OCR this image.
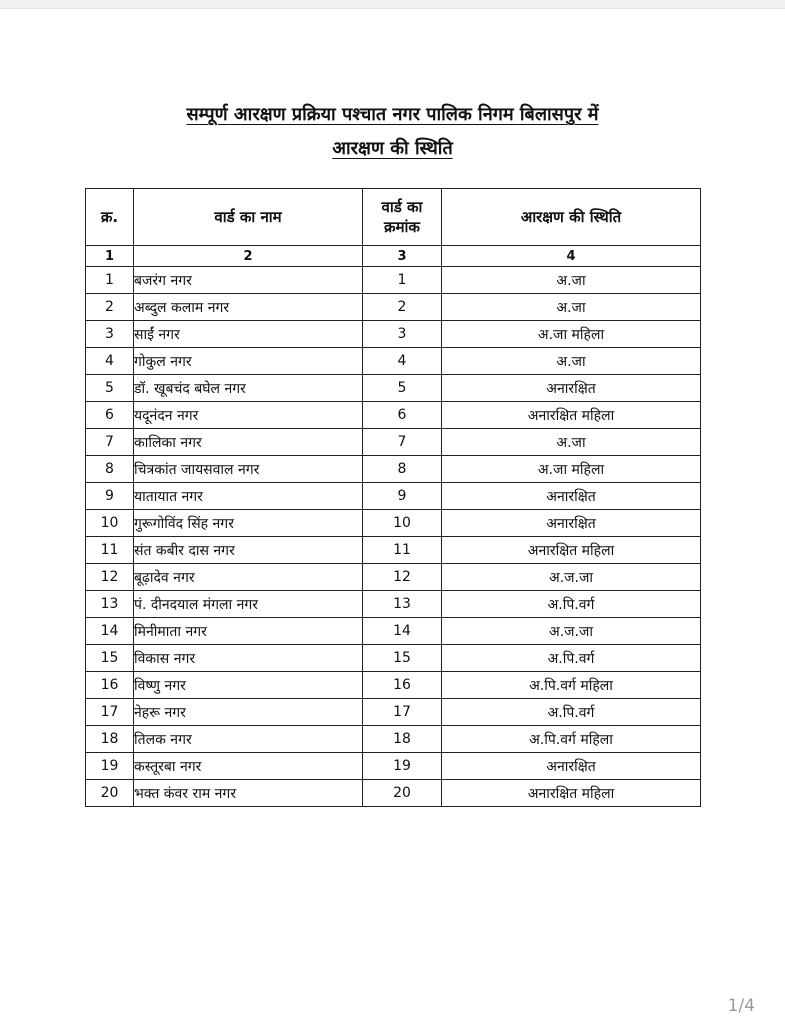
सम्पूर्ण आरक्षण प्रक्रिया पश्चात नगर पालिक निगम बिलासपुर में
आरक्षण की स्थिति
क्र.	वार्ड का नाम	वार्ड का क्रमांक	आरक्षण की स्थिति
1	2	3	4
1	बजरंग नगर	1	अ.जा
2	अब्दुल कलाम नगर	2	अ.जा
3	साईं नगर	3	अ.जा महिला
4	गोकुल नगर	4	अ.जा
5	डॉ. खूबचंद बघेल नगर	5	अनारक्षित
6	यदूनंदन नगर	6	अनारक्षित महिला
7	कालिका नगर	7	अ.जा
8	चित्रकांत जायसवाल नगर	8	अ.जा महिला
9	यातायात नगर	9	अनारक्षित
10	गुरूगोविंद सिंह नगर	10	अनारक्षित
11	संत कबीर दास नगर	11	अनारक्षित महिला
12	बूढ़ादेव नगर	12	अ.ज.जा
13	पं. दीनदयाल मंगला नगर	13	अ.पि.वर्ग
14	मिनीमाता नगर	14	अ.ज.जा
15	विकास नगर	15	अ.पि.वर्ग
16	विष्णु नगर	16	अ.पि.वर्ग महिला
17	नेहरू नगर	17	अ.पि.वर्ग
18	तिलक नगर	18	अ.पि.वर्ग महिला
19	कस्तूरबा नगर	19	अनारक्षित
20	भक्त कंवर राम नगर	20	अनारक्षित महिला
1/4
